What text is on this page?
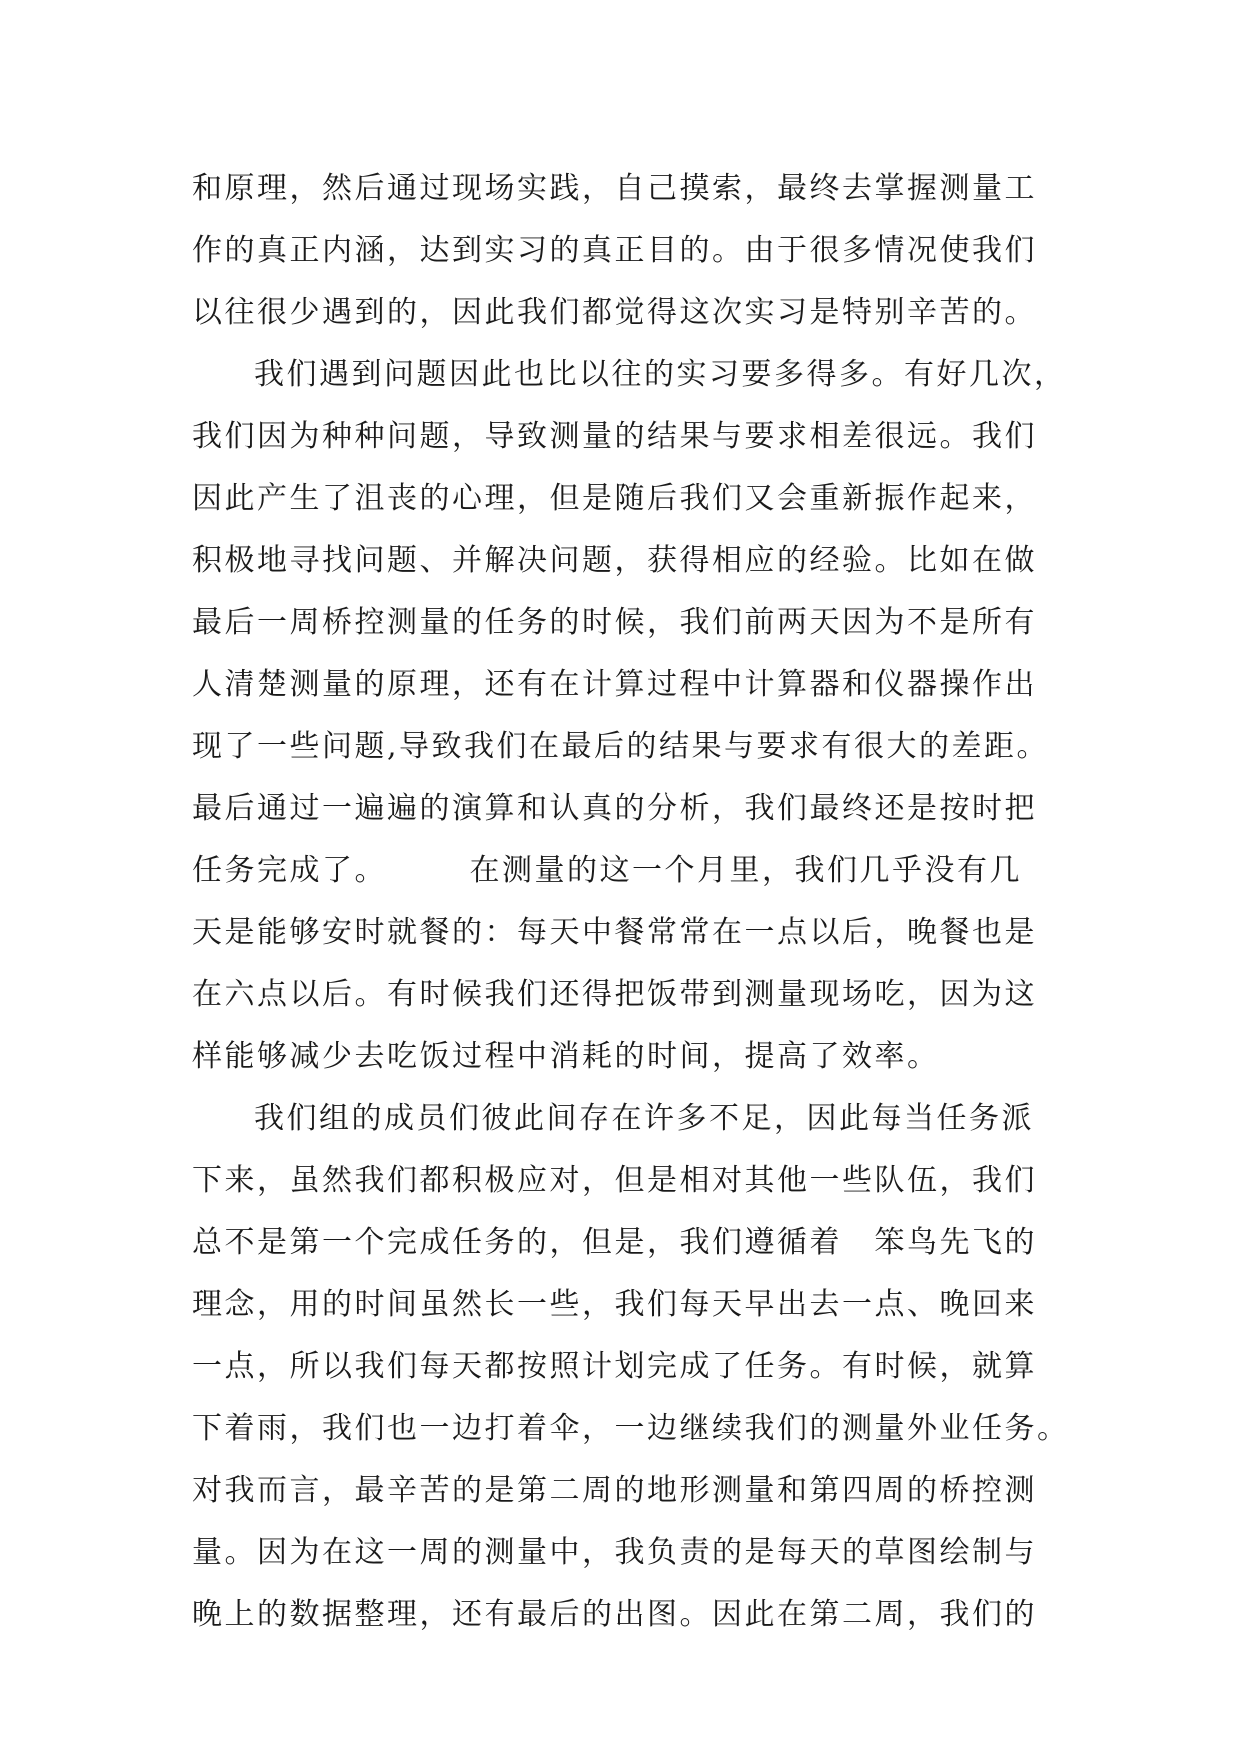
和原理，然后通过现场实践，自己摸索，最终去掌握测量工
作的真正内涵，达到实习的真正目的。由于很多情况使我们
以往很少遇到的，因此我们都觉得这次实习是特别辛苦的。
我们遇到问题因此也比以往的实习要多得多。有好几次，
我们因为种种问题，导致测量的结果与要求相差很远。我们
因此产生了沮丧的心理，但是随后我们又会重新振作起来，
积极地寻找问题、并解决问题，获得相应的经验。比如在做
最后一周桥控测量的任务的时候，我们前两天因为不是所有
人清楚测量的原理，还有在计算过程中计算器和仪器操作出
现了一些问题,导致我们在最后的结果与要求有很大的差距。
最后通过一遍遍的演算和认真的分析，我们最终还是按时把
任务完成了。　　　在测量的这一个月里，我们几乎没有几
天是能够安时就餐的：每天中餐常常在一点以后，晚餐也是
在六点以后。有时候我们还得把饭带到测量现场吃，因为这
样能够减少去吃饭过程中消耗的时间，提高了效率。
我们组的成员们彼此间存在许多不足，因此每当任务派
下来，虽然我们都积极应对，但是相对其他一些队伍，我们
总不是第一个完成任务的，但是，我们遵循着　笨鸟先飞的
理念，用的时间虽然长一些，我们每天早出去一点、晚回来
一点，所以我们每天都按照计划完成了任务。有时候，就算
下着雨，我们也一边打着伞，一边继续我们的测量外业任务。
对我而言，最辛苦的是第二周的地形测量和第四周的桥控测
量。因为在这一周的测量中，我负责的是每天的草图绘制与
晚上的数据整理，还有最后的出图。因此在第二周，我们的
